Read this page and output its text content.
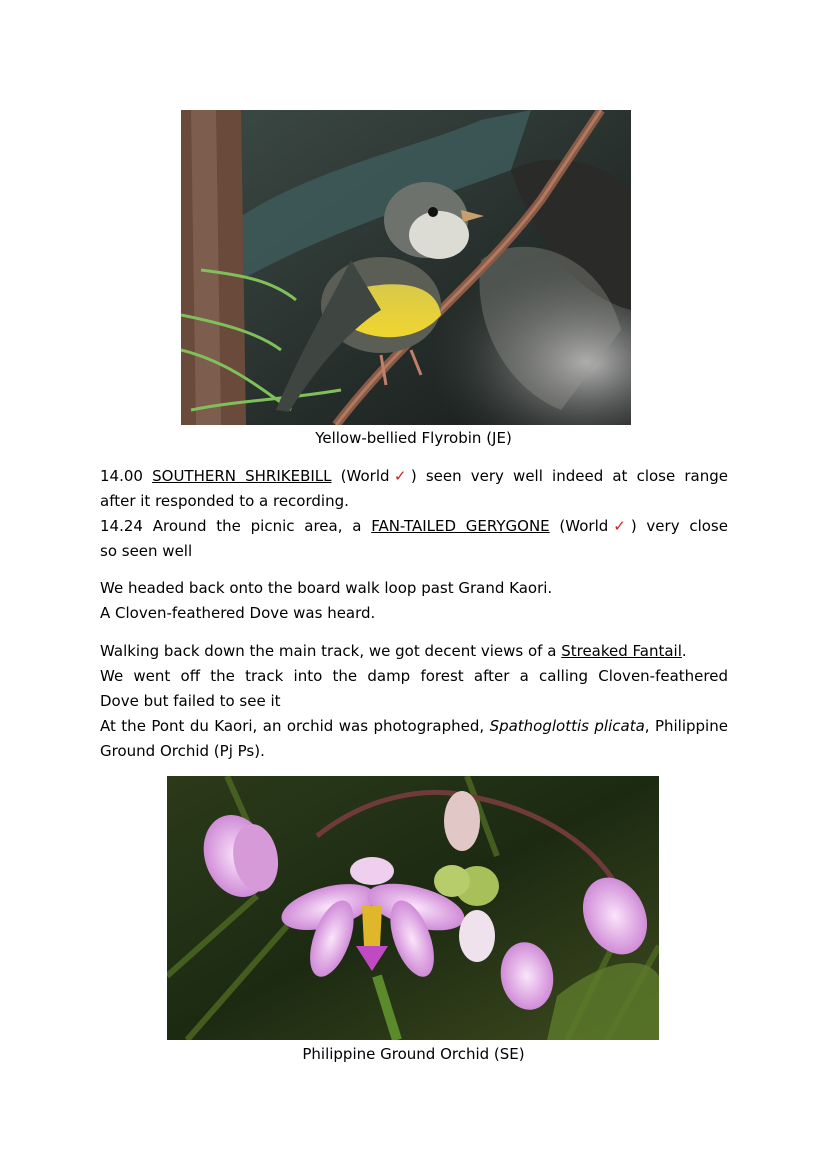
Yellow-bellied Flyrobin (JE)
14.00 SOUTHERN SHRIKEBILL (World✓) seen very well indeed at close range
after it responded to a recording.
14.24 Around the picnic area, a FAN-TAILED GERYGONE (World✓) very close
so seen well
We headed back onto the board walk loop past Grand Kaori.
A Cloven-feathered Dove was heard.
Walking back down the main track, we got decent views of a Streaked Fantail.
We went off the track into the damp forest after a calling Cloven-feathered
Dove but failed to see it
At the Pont du Kaori, an orchid was photographed, Spathoglottis plicata, Philippine
Ground Orchid (Pj Ps).
Philippine Ground Orchid (SE)
